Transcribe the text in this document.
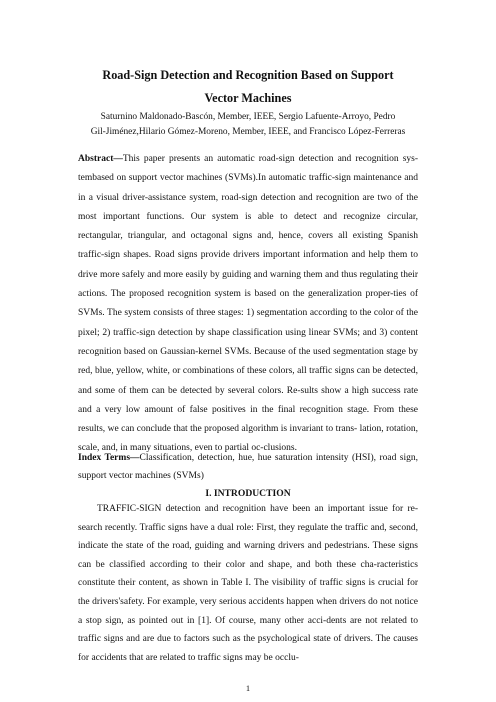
Road-Sign Detection and Recognition Based on Support
Vector Machines
Saturnino Maldonado-Bascón, Member, IEEE, Sergio Lafuente-Arroyo, Pedro
Gil-Jiménez,Hilario Gómez-Moreno, Member, IEEE, and Francisco López-Ferreras

Abstract—This paper presents an automatic road-sign detection and recognition sys-tembased on support vector machines (SVMs).In automatic traffic-sign maintenance and in a visual driver-assistance system, road-sign detection and recognition are two of the most important functions. Our system is able to detect and recognize circular, rectangular, triangular, and octagonal signs and, hence, covers all existing Spanish traffic-sign shapes. Road signs provide drivers important information and help them to drive more safely and more easily by guiding and warning them and thus regulating their actions. The proposed recognition system is based on the generalization proper-ties of SVMs. The system consists of three stages: 1) segmentation according to the color of the pixel; 2) traffic-sign detection by shape classification using linear SVMs; and 3) content recognition based on Gaussian-kernel SVMs. Because of the used segmentation stage by red, blue, yellow, white, or combinations of these colors, all traffic signs can be detected, and some of them can be detected by several colors. Re-sults show a high success rate and a very low amount of false positives in the final recognition stage. From these results, we can conclude that the proposed algorithm is invariant to trans- lation, rotation, scale, and, in many situations, even to partial oc-clusions.

Index Terms—Classification, detection, hue, hue saturation intensity (HSI), road sign, support vector machines (SVMs)

I. INTRODUCTION

TRAFFIC-SIGN detection and recognition have been an important issue for re-search recently. Traffic signs have a dual role: First, they regulate the traffic and, second, indicate the state of the road, guiding and warning drivers and pedestrians. These signs can be classified according to their color and shape, and both these cha-racteristics constitute their content, as shown in Table I. The visibility of traffic signs is crucial for the drivers'safety. For example, very serious accidents happen when drivers do not notice a stop sign, as pointed out in [1]. Of course, many other acci-dents are not related to traffic signs and are due to factors such as the psychological state of drivers. The causes for accidents that are related to traffic signs may be occlu-

1
